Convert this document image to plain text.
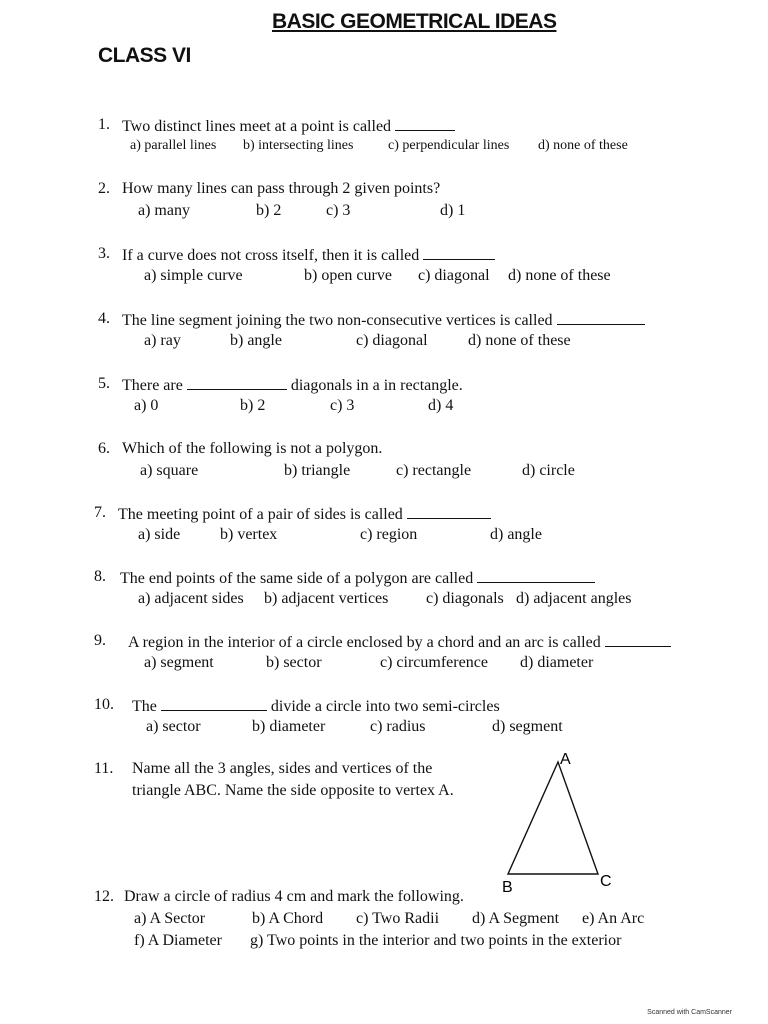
BASIC GEOMETRICAL IDEAS
CLASS VI
1. Two distinct lines meet at a point is called
a) parallel lines b) intersecting lines c) perpendicular lines d) none of these
2. How many lines can pass through 2 given points?
a) many	b) 2	c) 3	d) 1
3. If a curve does not cross itself, then it is called
a) simple curve	b) open curve c) diagonal d) none of these
4. The line segment joining the two non-consecutive vertices is called
a) ray	b) angle	c) diagonal	d) none of these
5. There are	diagonals in a in rectangle.
a) 0	b) 2	c) 3	d) 4
6. Which of the following is not a polygon.
a) square	b) triangle	c) rectangle	d) circle
7. The meeting point of a pair of sides is called
a) side b) vertex	c) region	d) angle
8. The end points of the same side of a polygon are called
a) adjacent sides b) adjacent vertices c) diagonals d) adjacent angles
9. A region in the interior of a circle enclosed by a chord and an arc is called
a) segment	b) sector	c) circumference d) diameter
10. The	divide a circle into two semi-circles
a) sector	b) diameter	c) radius	d) segment
11. Name all the 3 angles, sides and vertices of the
triangle ABC. Name the side opposite to vertex A.
A
B	C
12. Draw a circle of radius 4 cm and mark the following.
a) A Sector	b) A Chord c) Two Radii d) A Segment e) An Arc
f) A Diameter g) Two points in the interior and two points in the exterior
Scanned with CamScanner
